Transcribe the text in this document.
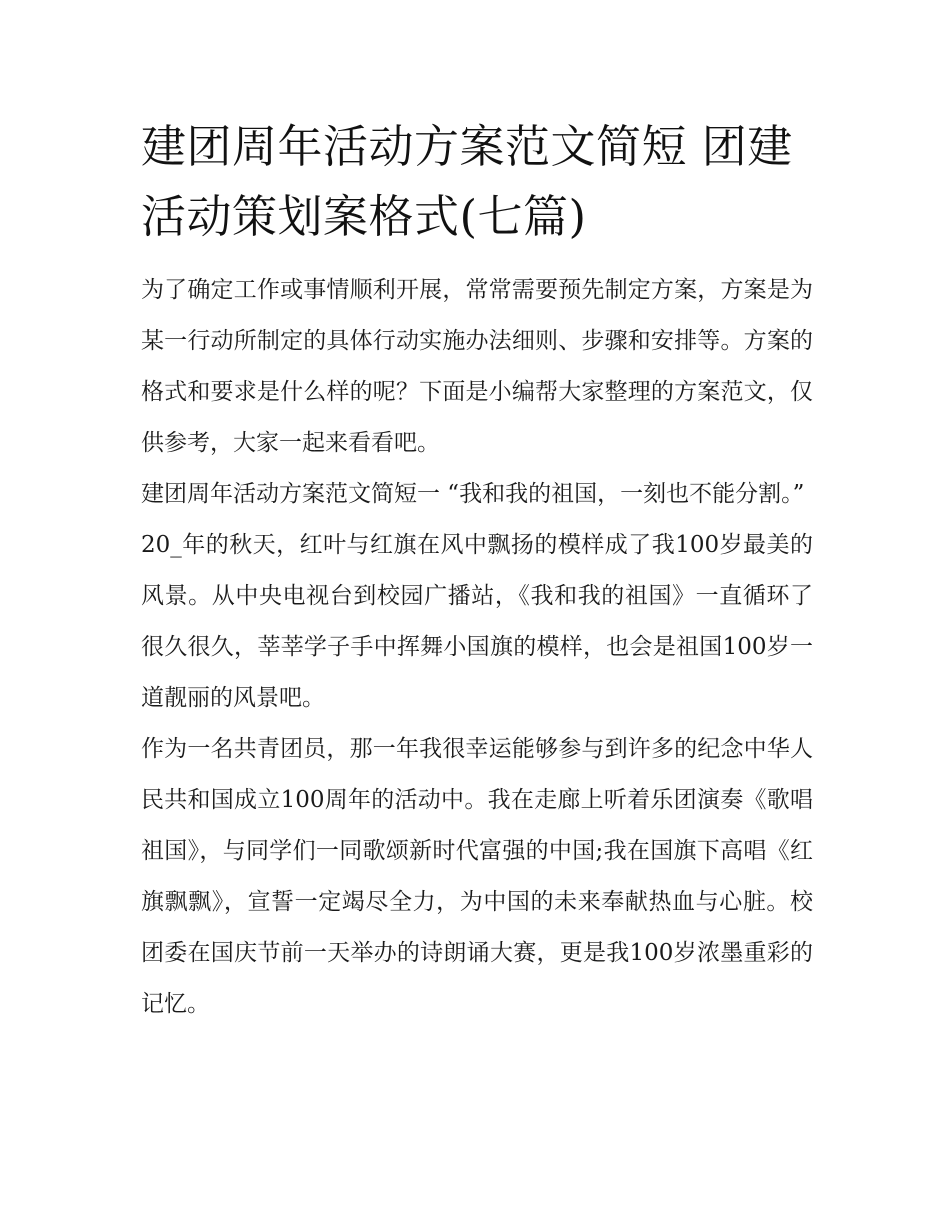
建团周年活动方案范文简短 团建活动策划案格式(七篇)

为了确定工作或事情顺利开展，常常需要预先制定方案，方案是为某一行动所制定的具体行动实施办法细则、步骤和安排等。方案的格式和要求是什么样的呢？下面是小编帮大家整理的方案范文，仅供参考，大家一起来看看吧。

建团周年活动方案范文简短一 “我和我的祖国，一刻也不能分割。”

20_年的秋天，红叶与红旗在风中飘扬的模样成了我100岁最美的风景。从中央电视台到校园广播站，《我和我的祖国》一直循环了很久很久，莘莘学子手中挥舞小国旗的模样，也会是祖国100岁一道靓丽的风景吧。

作为一名共青团员，那一年我很幸运能够参与到许多的纪念中华人民共和国成立100周年的活动中。我在走廊上听着乐团演奏《歌唱祖国》，与同学们一同歌颂新时代富强的中国;我在国旗下高唱《红旗飘飘》，宣誓一定竭尽全力，为中国的未来奉献热血与心脏。校团委在国庆节前一天举办的诗朗诵大赛，更是我100岁浓墨重彩的记忆。
